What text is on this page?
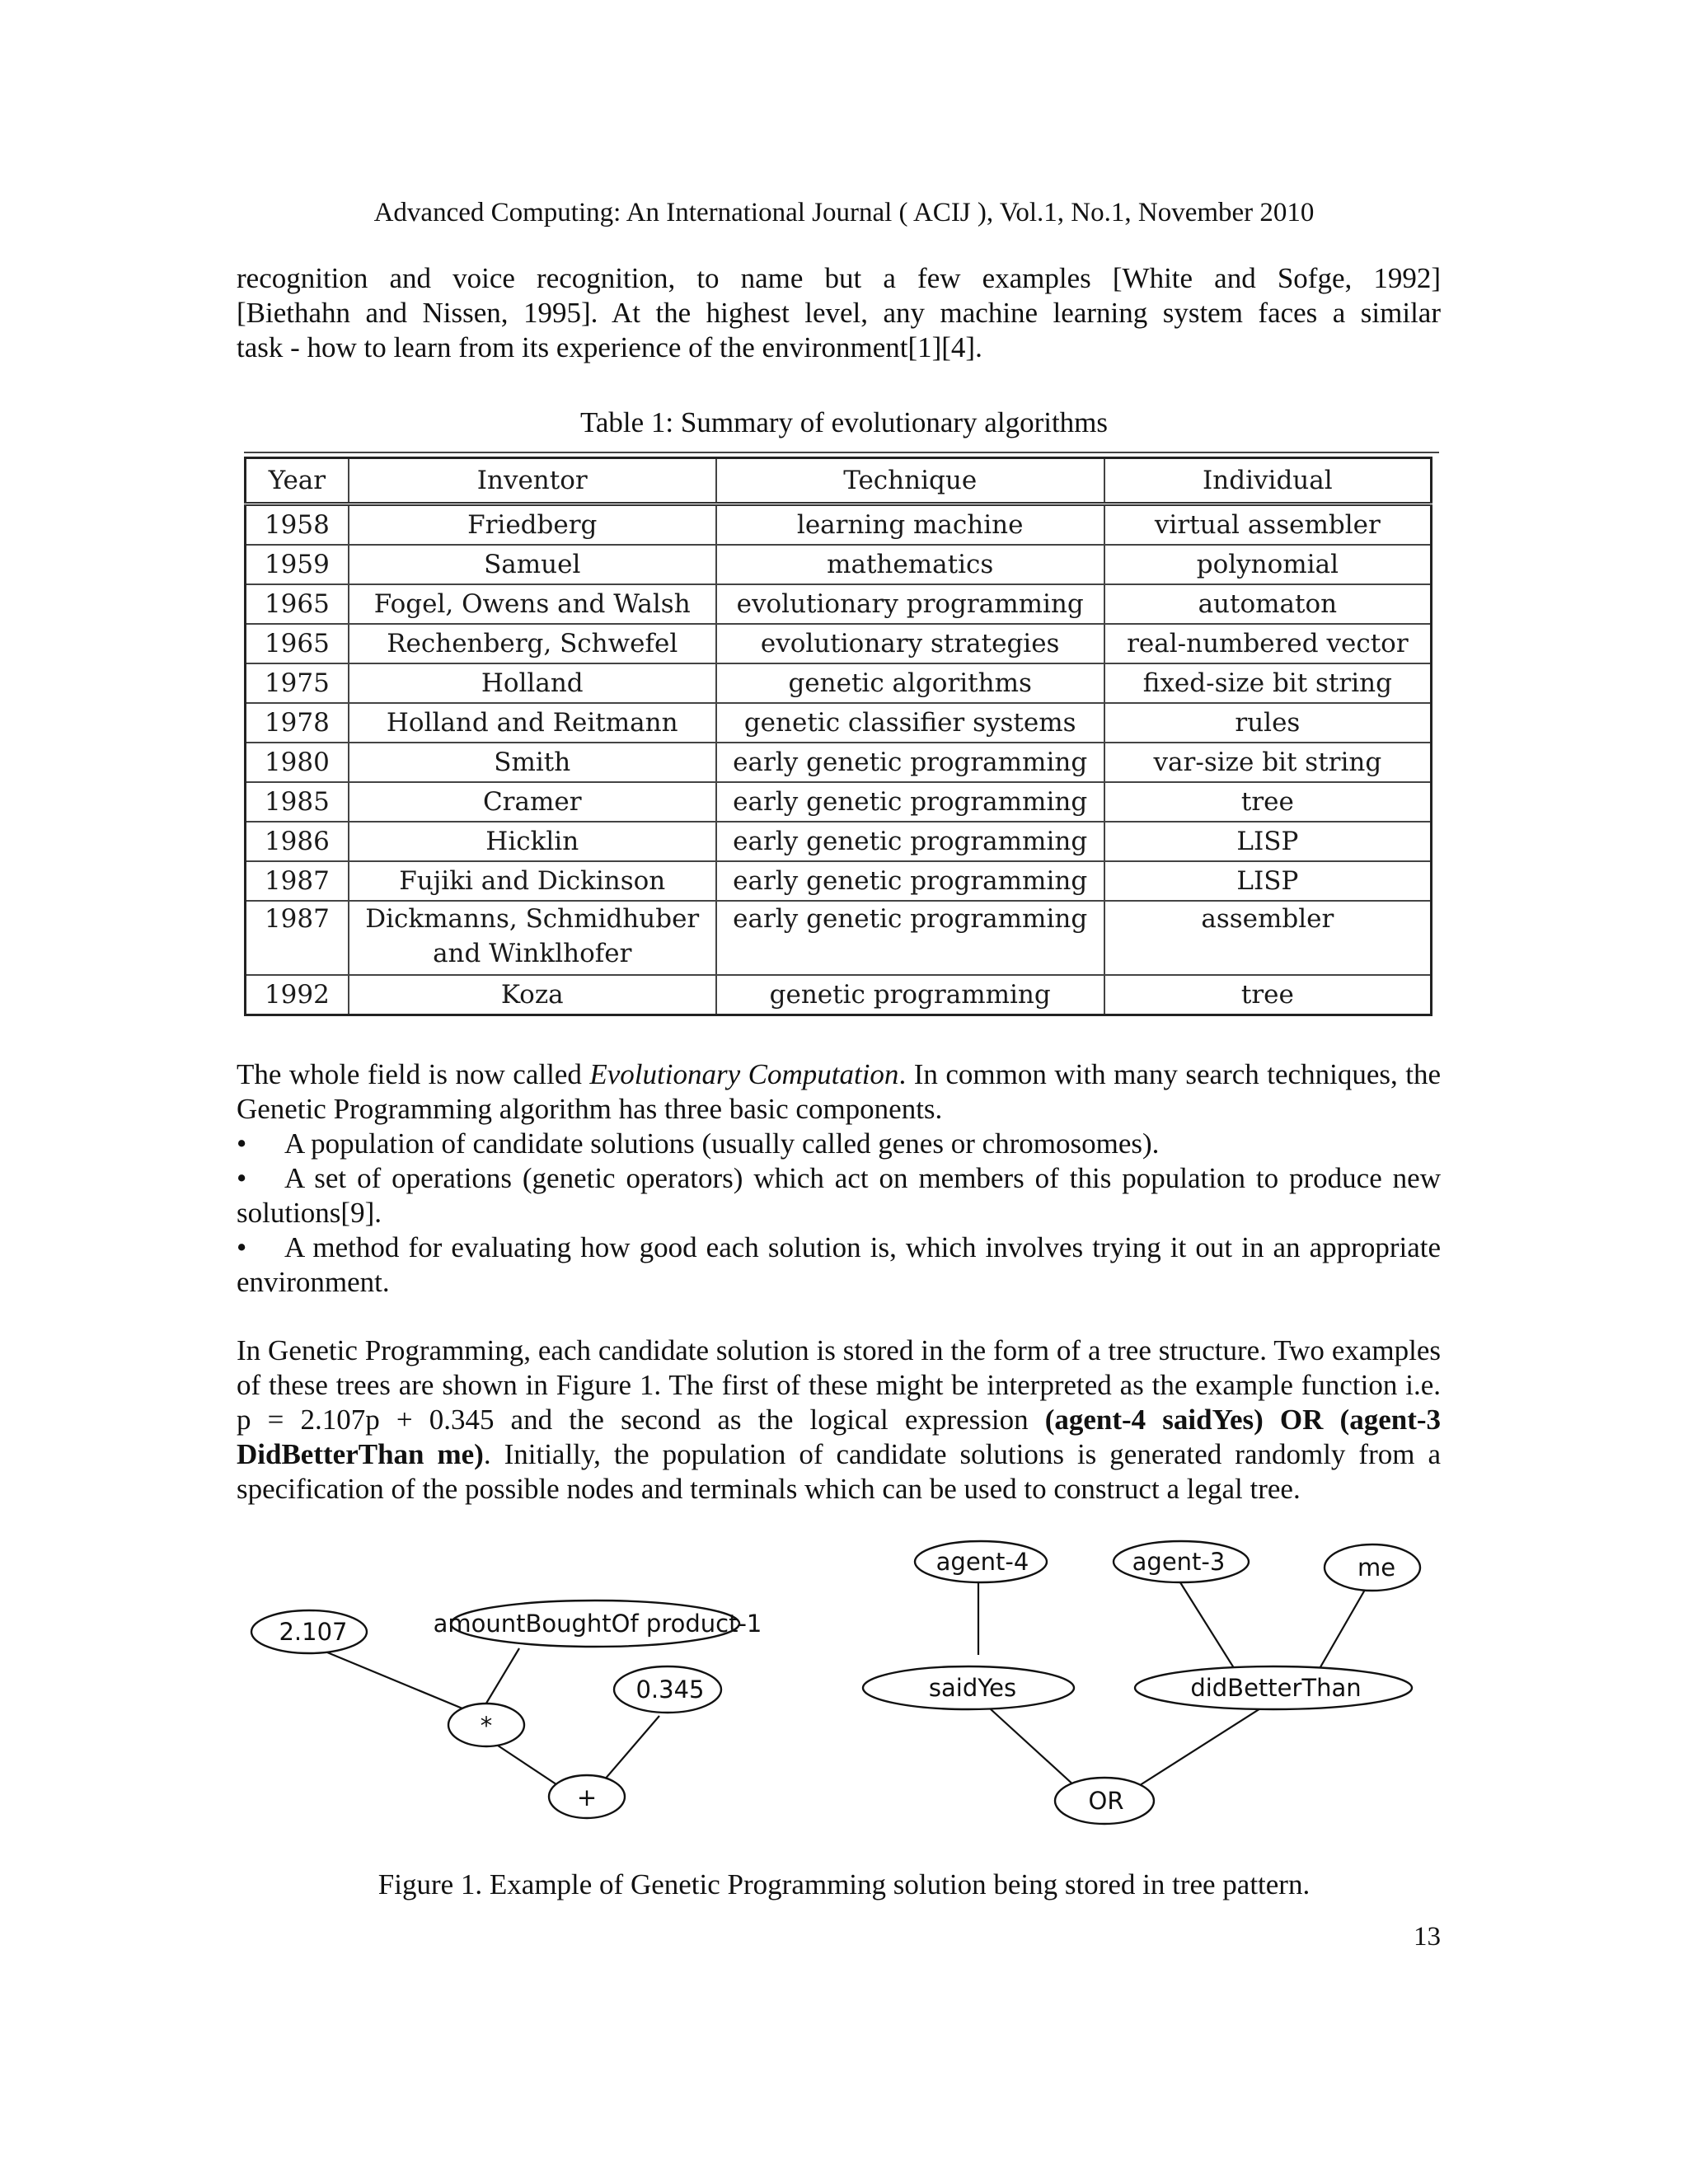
Advanced Computing: An International Journal ( ACIJ ), Vol.1, No.1, November 2010
recognition and voice recognition, to name but a few examples [White and Sofge, 1992]
[Biethahn and Nissen, 1995]. At the highest level, any machine learning system faces a similar
task - how to learn from its experience of the environment[1][4].
Table 1: Summary of evolutionary algorithms
Year	Inventor	Technique	Individual
1958	Friedberg	learning machine	virtual assembler
1959	Samuel	mathematics	polynomial
1965	Fogel, Owens and Walsh	evolutionary programming	automaton
1965	Rechenberg, Schwefel	evolutionary strategies	real-numbered vector
1975	Holland	genetic algorithms	fixed-size bit string
1978	Holland and Reitmann	genetic classifier systems	rules
1980	Smith	early genetic programming	var-size bit string
1985	Cramer	early genetic programming	tree
1986	Hicklin	early genetic programming	LISP
1987	Fujiki and Dickinson	early genetic programming	LISP
1987	Dickmanns, Schmidhuber and Winklhofer	early genetic programming	assembler
1992	Koza	genetic programming	tree
The whole field is now called Evolutionary Computation. In common with many search techniques, the Genetic Programming algorithm has three basic components.
• A population of candidate solutions (usually called genes or chromosomes).
• A set of operations (genetic operators) which act on members of this population to produce new solutions[9].
• A method for evaluating how good each solution is, which involves trying it out in an appropriate environment.
In Genetic Programming, each candidate solution is stored in the form of a tree structure. Two examples of these trees are shown in Figure 1. The first of these might be interpreted as the example function i.e. p = 2.107p + 0.345 and the second as the logical expression (agent-4 saidYes) OR (agent-3 DidBetterThan me). Initially, the population of candidate solutions is generated randomly from a specification of the possible nodes and terminals which can be used to construct a legal tree.
2.107	amountBoughtOf product-1
*
0.345
+
agent-4	agent-3	me
saidYes	didBetterThan
OR
Figure 1. Example of Genetic Programming solution being stored in tree pattern.
13
